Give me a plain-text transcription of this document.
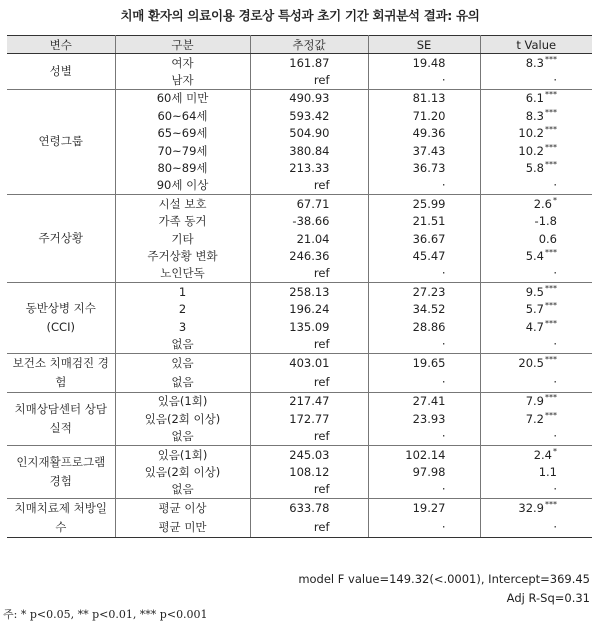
치매 환자의 의료이용 경로상 특성과 초기 기간 회귀분석 결과: 유의
변수	구분	추정값	SE	t Value
성별	여자	161.87	19.48	8.3***
	남자	ref	·	·
연령그룹	60세 미만	490.93	81.13	6.1***
	60~64세	593.42	71.20	8.3***
	65~69세	504.90	49.36	10.2***
	70~79세	380.84	37.43	10.2***
	80~89세	213.33	36.73	5.8***
	90세 이상	ref	·	·
주거상황	시설 보호	67.71	25.99	2.6*
	가족 동거	-38.66	21.51	-1.8
	기타	21.04	36.67	0.6
	주거상황 변화	246.36	45.47	5.4***
	노인단독	ref	·	·
동반상병 지수 (CCI)	1	258.13	27.23	9.5***
	2	196.24	34.52	5.7***
	3	135.09	28.86	4.7***
	없음	ref	·	·
보건소 치매검진 경험	있음	403.01	19.65	20.5***
	없음	ref	·	·
치매상담센터 상담실적	있음(1회)	217.47	27.41	7.9***
	있음(2회 이상)	172.77	23.93	7.2***
	없음	ref	·	·
인지재활프로그램 경험	있음(1회)	245.03	102.14	2.4*
	있음(2회 이상)	108.12	97.98	1.1
	없음	ref	·	·
치매치료제 처방일수	평균 이상	633.78	19.27	32.9***
	평균 미만	ref	·	·
model F value=149.32(<.0001), Intercept=369.45
Adj R-Sq=0.31
주: * p<0.05, ** p<0.01, *** p<0.001
